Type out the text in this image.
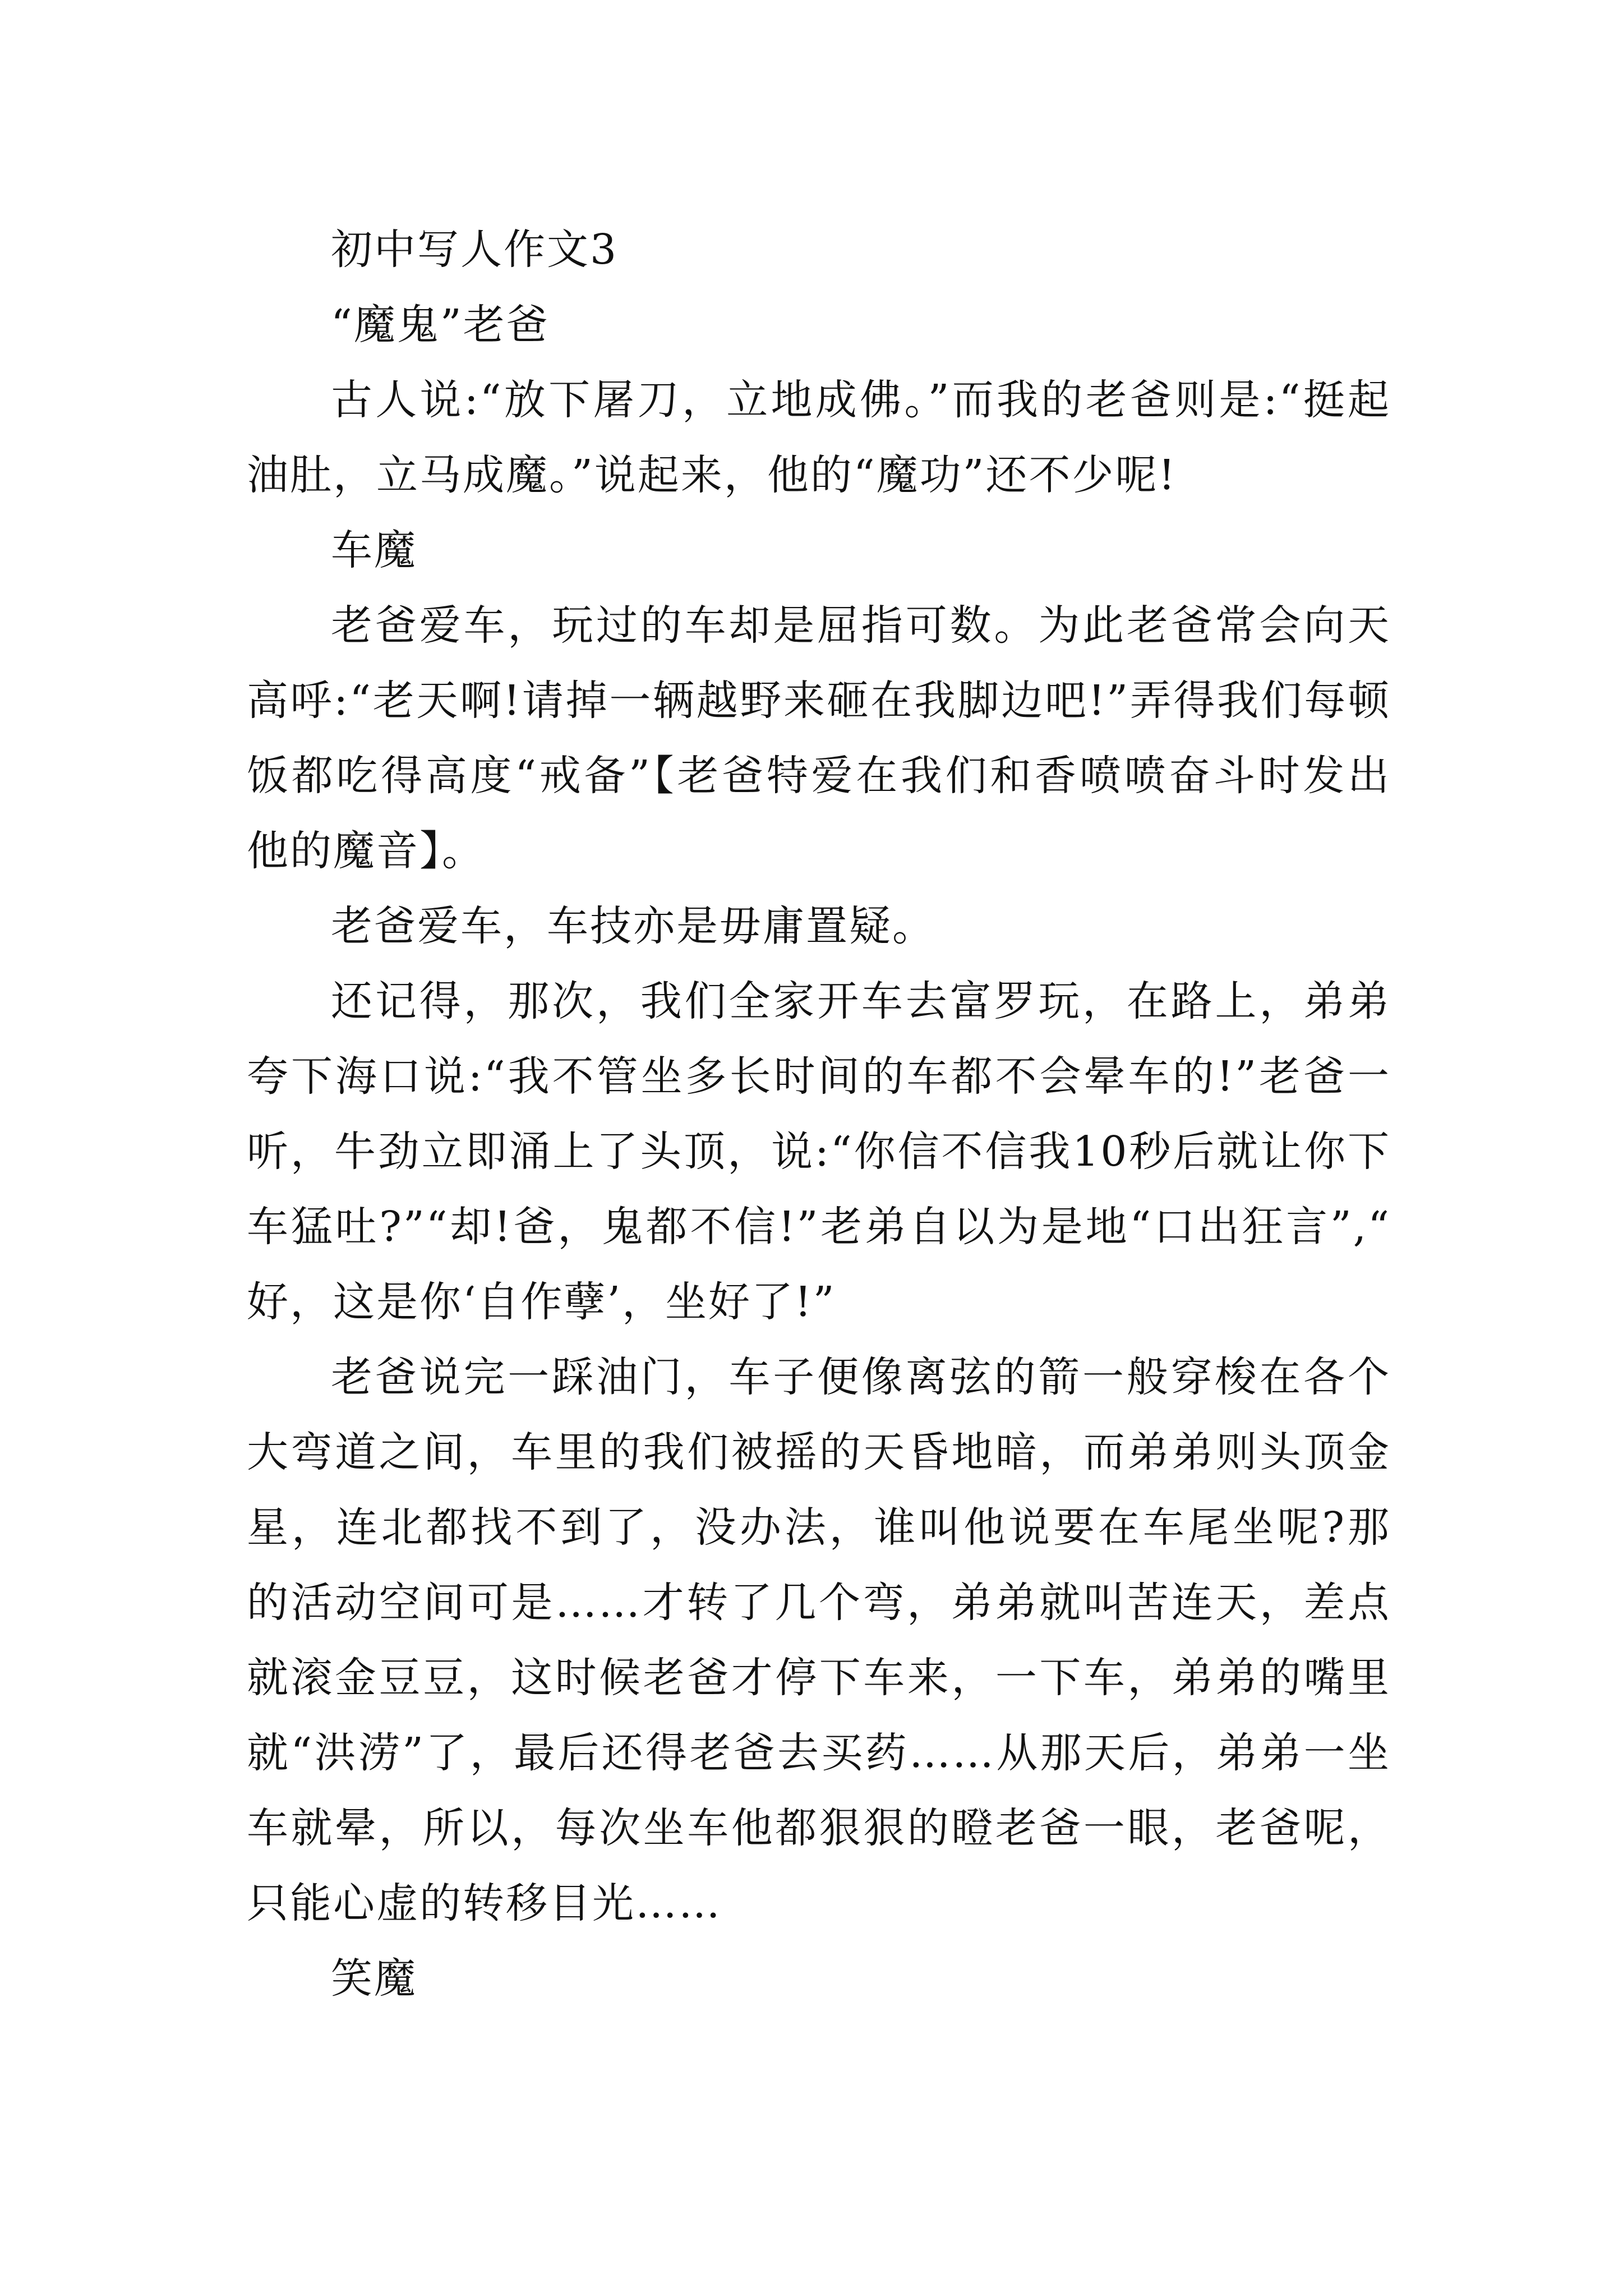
初中写人作文3

“魔鬼”老爸

古人说:“放下屠刀，立地成佛。”而我的老爸则是:“挺起油肚，立马成魔。”说起来，他的“魔功”还不少呢!

车魔

老爸爱车，玩过的车却是屈指可数。为此老爸常会向天高呼:“老天啊!请掉一辆越野来砸在我脚边吧!”弄得我们每顿饭都吃得高度“戒备”【老爸特爱在我们和香喷喷奋斗时发出他的魔音】。

老爸爱车，车技亦是毋庸置疑。

还记得，那次，我们全家开车去富罗玩，在路上，弟弟夸下海口说:“我不管坐多长时间的车都不会晕车的!”老爸一听，牛劲立即涌上了头顶，说:“你信不信我10秒后就让你下车猛吐?”“却!爸，鬼都不信!”老弟自以为是地“口出狂言”,“好，这是你‘自作孽’，坐好了!”

老爸说完一踩油门，车子便像离弦的箭一般穿梭在各个大弯道之间，车里的我们被摇的天昏地暗，而弟弟则头顶金星，连北都找不到了，没办法，谁叫他说要在车尾坐呢?那的活动空间可是……才转了几个弯，弟弟就叫苦连天，差点就滚金豆豆，这时候老爸才停下车来，一下车，弟弟的嘴里就“洪涝”了，最后还得老爸去买药……从那天后，弟弟一坐车就晕，所以，每次坐车他都狠狠的瞪老爸一眼，老爸呢，只能心虚的转移目光……

笑魔
